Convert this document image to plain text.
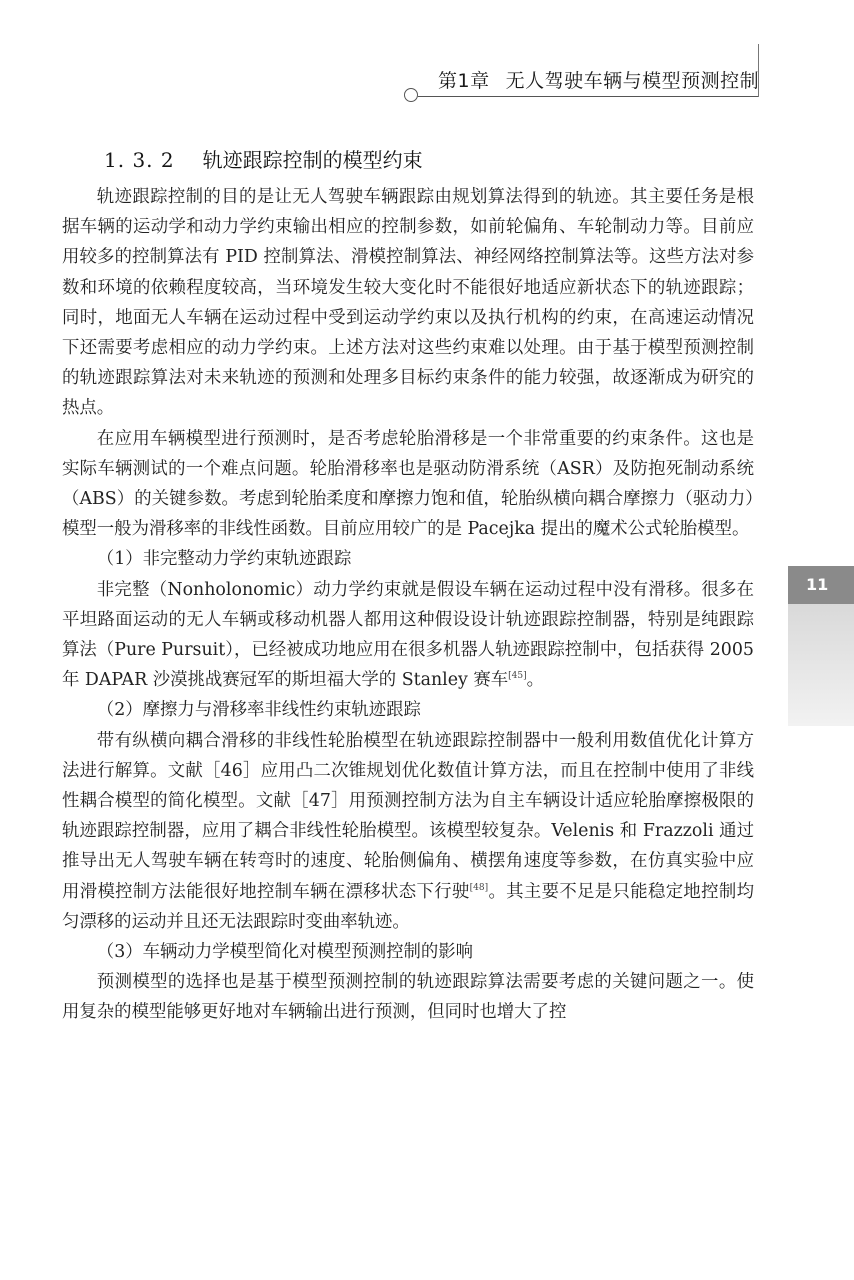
第1章 无人驾驶车辆与模型预测控制
1. 3. 2 轨迹跟踪控制的模型约束

轨迹跟踪控制的目的是让无人驾驶车辆跟踪由规划算法得到的轨迹。其主要任务是根据车辆的运动学和动力学约束输出相应的控制参数，如前轮偏角、车轮制动力等。目前应用较多的控制算法有 PID 控制算法、滑模控制算法、神经网络控制算法等。这些方法对参数和环境的依赖程度较高，当环境发生较大变化时不能很好地适应新状态下的轨迹跟踪；同时，地面无人车辆在运动过程中受到运动学约束以及执行机构的约束，在高速运动情况下还需要考虑相应的动力学约束。上述方法对这些约束难以处理。由于基于模型预测控制的轨迹跟踪算法对未来轨迹的预测和处理多目标约束条件的能力较强，故逐渐成为研究的热点。

在应用车辆模型进行预测时，是否考虑轮胎滑移是一个非常重要的约束条件。这也是实际车辆测试的一个难点问题。轮胎滑移率也是驱动防滑系统（ASR）及防抱死制动系统（ABS）的关键参数。考虑到轮胎柔度和摩擦力饱和值，轮胎纵横向耦合摩擦力（驱动力）模型一般为滑移率的非线性函数。目前应用较广的是 Pacejka 提出的魔术公式轮胎模型。

（1）非完整动力学约束轨迹跟踪

非完整（Nonholonomic）动力学约束就是假设车辆在运动过程中没有滑移。很多在平坦路面运动的无人车辆或移动机器人都用这种假设设计轨迹跟踪控制器，特别是纯跟踪算法（Pure Pursuit），已经被成功地应用在很多机器人轨迹跟踪控制中，包括获得 2005 年 DAPAR 沙漠挑战赛冠军的斯坦福大学的 Stanley 赛车[45]。

（2）摩擦力与滑移率非线性约束轨迹跟踪

带有纵横向耦合滑移的非线性轮胎模型在轨迹跟踪控制器中一般利用数值优化计算方法进行解算。文献［46］应用凸二次锥规划优化数值计算方法，而且在控制中使用了非线性耦合模型的简化模型。文献［47］用预测控制方法为自主车辆设计适应轮胎摩擦极限的轨迹跟踪控制器，应用了耦合非线性轮胎模型。该模型较复杂。Velenis 和 Frazzoli 通过推导出无人驾驶车辆在转弯时的速度、轮胎侧偏角、横摆角速度等参数，在仿真实验中应用滑模控制方法能很好地控制车辆在漂移状态下行驶[48]。其主要不足是只能稳定地控制均匀漂移的运动并且还无法跟踪时变曲率轨迹。

（3）车辆动力学模型简化对模型预测控制的影响

预测模型的选择也是基于模型预测控制的轨迹跟踪算法需要考虑的关键问题之一。使用复杂的模型能够更好地对车辆输出进行预测，但同时也增大了控

11
